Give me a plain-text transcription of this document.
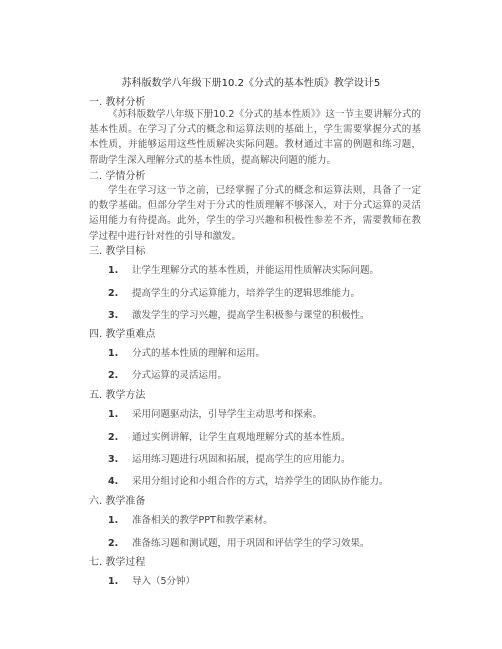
苏科版数学八年级下册10.2《分式的基本性质》教学设计5
一. 教材分析

《苏科版数学八年级下册10.2《分式的基本性质》》这一节主要讲解分式的基本性质。在学习了分式的概念和运算法则的基础上，学生需要掌握分式的基本性质，并能够运用这些性质解决实际问题。教材通过丰富的例题和练习题，帮助学生深入理解分式的基本性质，提高解决问题的能力。

二. 学情分析

学生在学习这一节之前，已经掌握了分式的概念和运算法则，具备了一定的数学基础。但部分学生对于分式的性质理解不够深入，对于分式运算的灵活运用能力有待提高。此外，学生的学习兴趣和积极性参差不齐，需要教师在教学过程中进行针对性的引导和激发。

三. 教学目标
1. 让学生理解分式的基本性质，并能运用性质解决实际问题。
2. 提高学生的分式运算能力，培养学生的逻辑思维能力。
3. 激发学生的学习兴趣，提高学生积极参与课堂的积极性。
四. 教学重难点
1. 分式的基本性质的理解和运用。
2. 分式运算的灵活运用。
五. 教学方法
1. 采用问题驱动法，引导学生主动思考和探索。
2. 通过实例讲解，让学生直观地理解分式的基本性质。
3. 运用练习题进行巩固和拓展，提高学生的应用能力。
4. 采用分组讨论和小组合作的方式，培养学生的团队协作能力。
六. 教学准备
1. 准备相关的教学PPT和教学素材。
2. 准备练习题和测试题，用于巩固和评估学生的学习效果。
七. 教学过程
1. 导入（5分钟）
